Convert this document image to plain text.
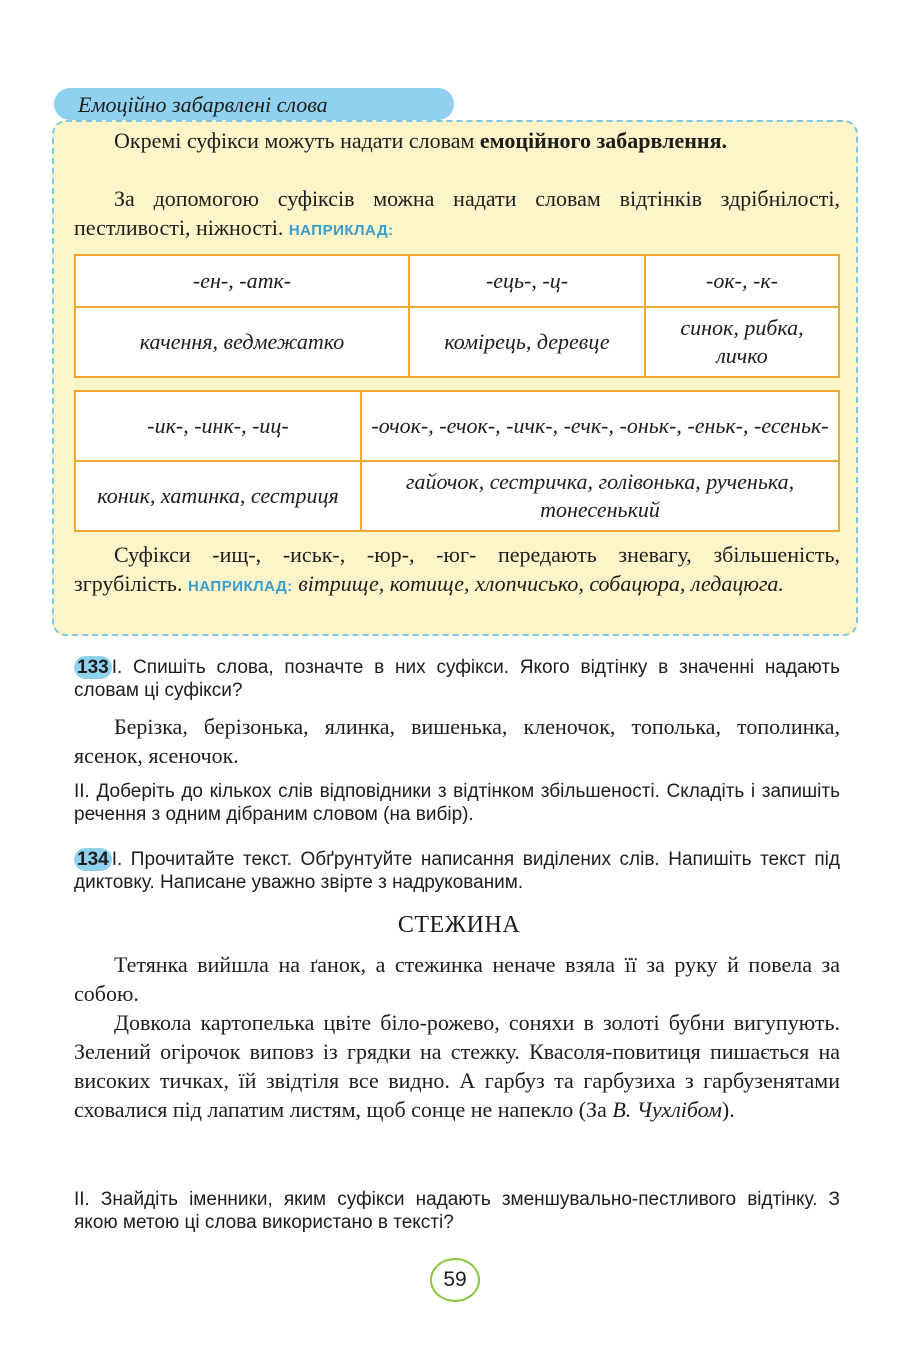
Емоційно забарвлені слова
Окремі суфікси можуть надати словам емоційного забарвлення.
За допомогою суфіксів можна надати словам відтінків здрібнілості, пестливості, ніжності. НАПРИКЛАД:
-ен-, -атк-	-ець-, -ц-	-ок-, -к-
качення, ведмежатко	комірець, деревце	синок, рибка, личко
-ик-, -инк-, -иц-	-очок-, -ечок-, -ичк-, -ечк-, -оньк-, -еньк-, -есеньк-
коник, хатинка, сестриця	гайочок, сестричка, голівонька, рученька, тонесенький
Суфікси -ищ-, -иськ-, -юр-, -юг- передають зневагу, збільшеність, згрубілість. НАПРИКЛАД: вітрище, котище, хлопчисько, собацюра, ледацюга.
133 І. Спишіть слова, позначте в них суфікси. Якого відтінку в значенні надають словам ці суфікси?
Берізка, берізонька, ялинка, вишенька, кленочок, тополька, тополинка, ясенок, ясеночок.
ІІ. Доберіть до кількох слів відповідники з відтінком збільшеності. Складіть і запишіть речення з одним дібраним словом (на вибір).
134 І. Прочитайте текст. Обґрунтуйте написання виділених слів. Напишіть текст під диктовку. Написане уважно звірте з надрукованим.
СТЕЖИНА
Тетянка вийшла на ґанок, а стежинка неначе взяла її за руку й повела за собою.
Довкола картопелька цвіте біло-рожево, соняхи в золоті бубни вигупують. Зелений огірочок виповз із грядки на стежку. Квасоля-повитиця пишається на високих тичках, їй звідтіля все видно. А гарбуз та гарбузиха з гарбузенятами сховалися під лапатим листям, щоб сонце не напекло (За В. Чухлібом).
ІІ. Знайдіть іменники, яким суфікси надають зменшувально-пестливого відтінку. З якою метою ці слова використано в тексті?
59
